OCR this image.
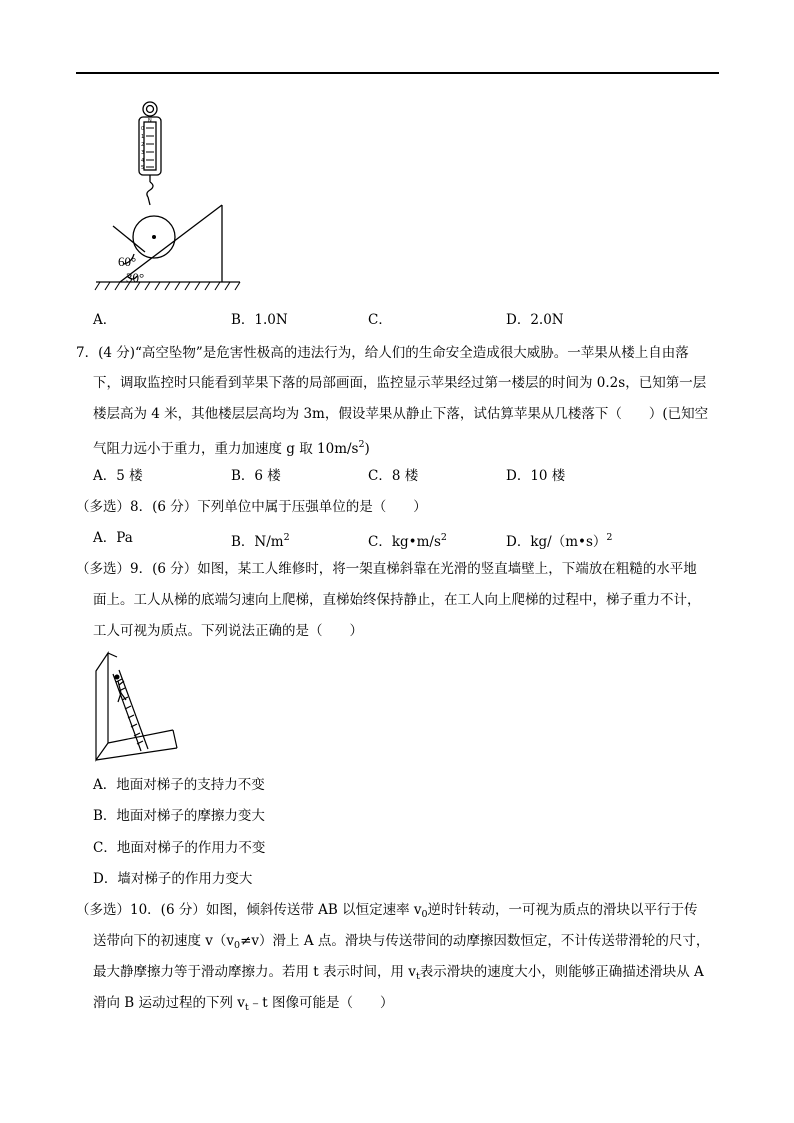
N
0
1
2
3
4
5
60°
30°
A．	B．1.0N	C．	D．2.0N
7．(4 分)“高空坠物”是危害性极高的违法行为，给人们的生命安全造成很大威胁。一苹果从楼上自由落
下，调取监控时只能看到苹果下落的局部画面，监控显示苹果经过第一楼层的时间为 0.2s，已知第一层
楼层高为 4 米，其他楼层层高均为 3m，假设苹果从静止下落，试估算苹果从几楼落下（　　）(已知空
气阻力远小于重力，重力加速度 g 取 $10m/s^2$)
A．5 楼	B．6 楼	C．8 楼	D．10 楼
（多选）8．(6 分）下列单位中属于压强单位的是（　　）
A．Pa	B．$N/m^2$	C．$kg•m/s^2$	D．kg/（m•s）$^2$
（多选）9．(6 分）如图，某工人维修时，将一架直梯斜靠在光滑的竖直墙壁上，下端放在粗糙的水平地
面上。工人从梯的底端匀速向上爬梯，直梯始终保持静止，在工人向上爬梯的过程中，梯子重力不计，
工人可视为质点。下列说法正确的是（　　）
A．地面对梯子的支持力不变
B．地面对梯子的摩擦力变大
C．地面对梯子的作用力不变
D．墙对梯子的作用力变大
（多选）10．(6 分）如图，倾斜传送带 AB 以恒定速率 $v_0$逆时针转动，一可视为质点的滑块以平行于传
送带向下的初速度 $v(v_0\ne v)$滑上 A 点。滑块与传送带间的动摩擦因数恒定，不计传送带滑轮的尺寸，
最大静摩擦力等于滑动摩擦力。若用 t 表示时间，用 $v_t$表示滑块的速度大小，则能够正确描述滑块从 A
滑向 B 运动过程的下列 $v_t﹣t$ 图像可能是（　　）
